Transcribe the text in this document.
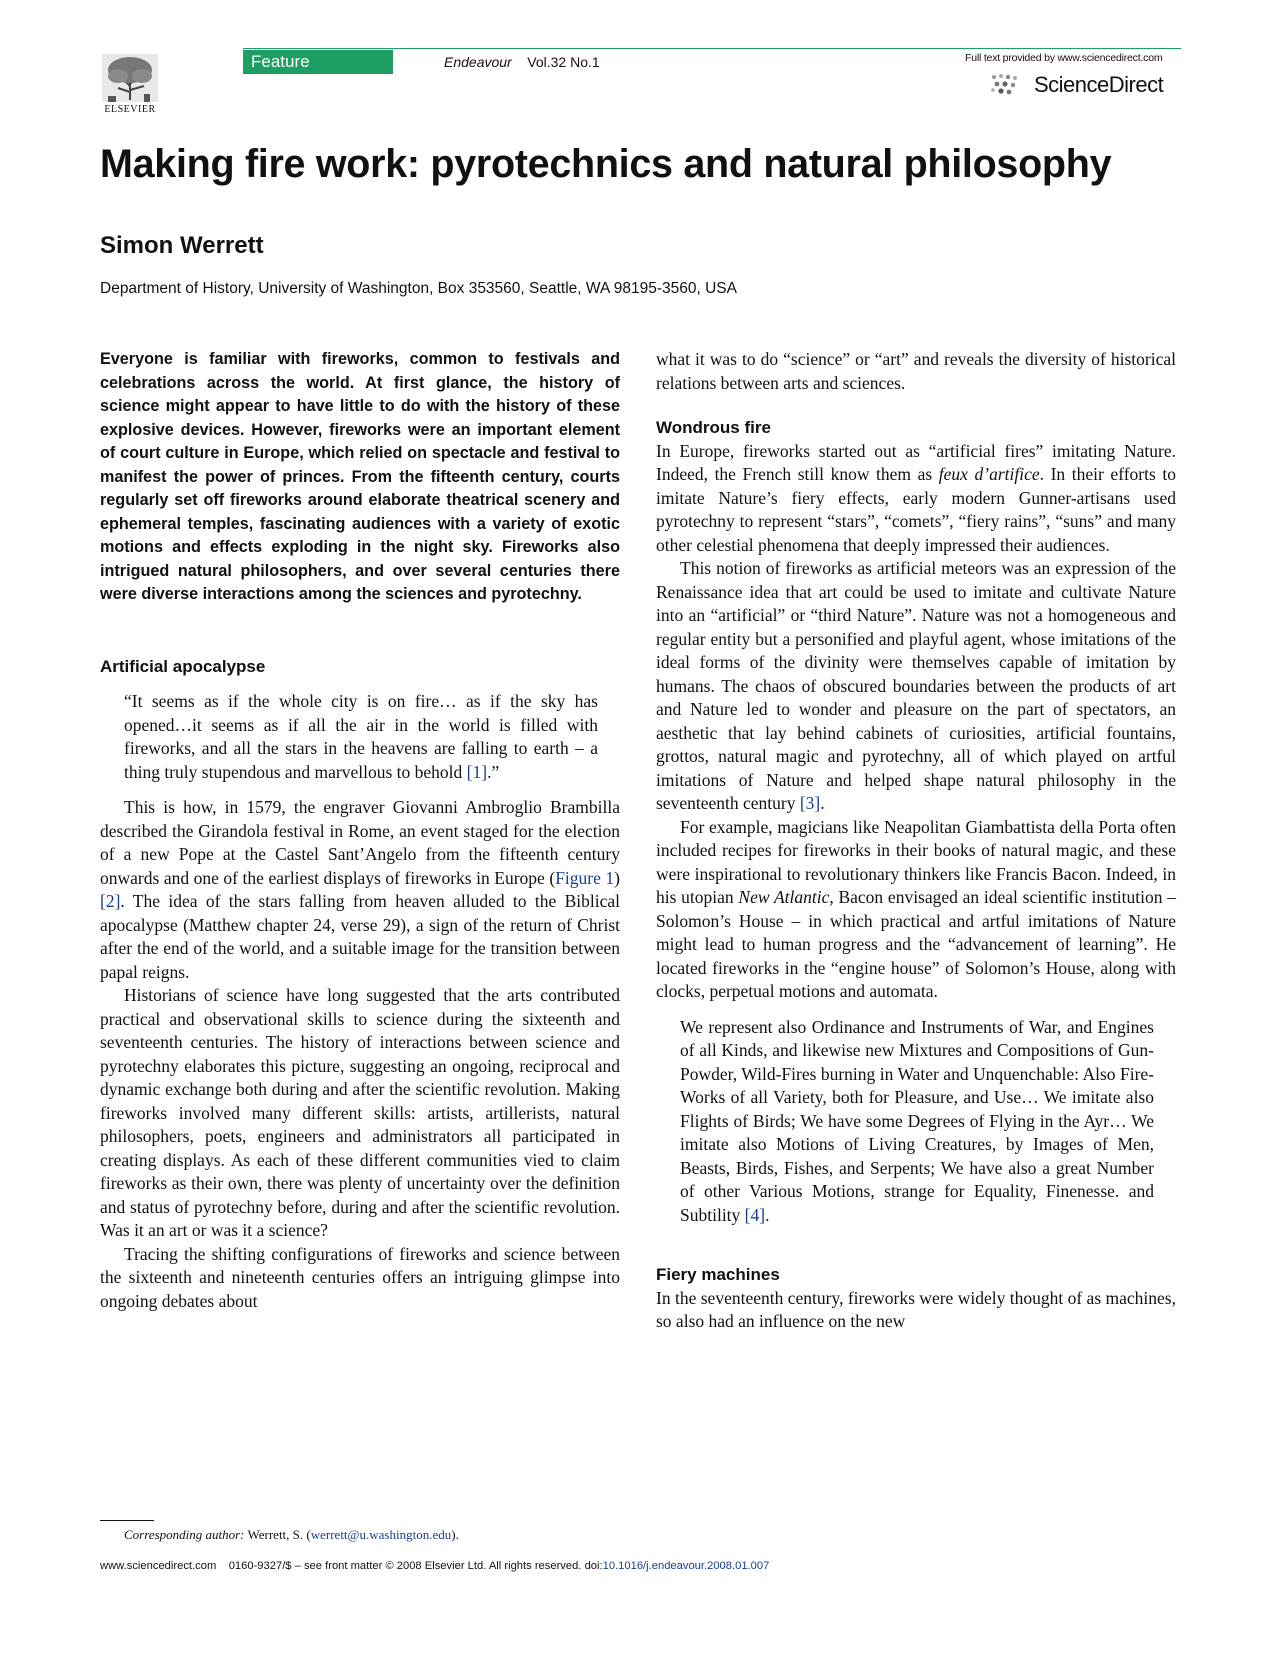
ELSEVIER
Feature	Endeavour Vol.32 No.1	Full text provided by www.sciencedirect.com
ScienceDirect
Making fire work: pyrotechnics and natural philosophy
Simon Werrett
Department of History, University of Washington, Box 353560, Seattle, WA 98195-3560, USA

Everyone is familiar with fireworks, common to festivals and celebrations across the world. At first glance, the history of science might appear to have little to do with the history of these explosive devices. However, fireworks were an important element of court culture in Europe, which relied on spectacle and festival to manifest the power of princes. From the fifteenth century, courts regularly set off fireworks around elaborate theatrical scenery and ephemeral temples, fascinating audiences with a variety of exotic motions and effects exploding in the night sky. Fireworks also intrigued natural philosophers, and over several centuries there were diverse interactions among the sciences and pyrotechny.

Artificial apocalypse

“It seems as if the whole city is on fire… as if the sky has opened…it seems as if all the air in the world is filled with fireworks, and all the stars in the heavens are falling to earth – a thing truly stupendous and marvellous to behold [1].”

This is how, in 1579, the engraver Giovanni Ambroglio Brambilla described the Girandola festival in Rome, an event staged for the election of a new Pope at the Castel Sant’Angelo from the fifteenth century onwards and one of the earliest displays of fireworks in Europe (Figure 1) [2]. The idea of the stars falling from heaven alluded to the Biblical apocalypse (Matthew chapter 24, verse 29), a sign of the return of Christ after the end of the world, and a suitable image for the transition between papal reigns.

Historians of science have long suggested that the arts contributed practical and observational skills to science during the sixteenth and seventeenth centuries. The history of interactions between science and pyrotechny elaborates this picture, suggesting an ongoing, reciprocal and dynamic exchange both during and after the scientific revolution. Making fireworks involved many different skills: artists, artillerists, natural philosophers, poets, engineers and administrators all participated in creating displays. As each of these different communities vied to claim fireworks as their own, there was plenty of uncertainty over the definition and status of pyrotechny before, during and after the scientific revolution. Was it an art or was it a science?

Tracing the shifting configurations of fireworks and science between the sixteenth and nineteenth centuries offers an intriguing glimpse into ongoing debates about

what it was to do “science” or “art” and reveals the diversity of historical relations between arts and sciences.

Wondrous fire

In Europe, fireworks started out as “artificial fires” imitating Nature. Indeed, the French still know them as feux d’artifice. In their efforts to imitate Nature’s fiery effects, early modern Gunner-artisans used pyrotechny to represent “stars”, “comets”, “fiery rains”, “suns” and many other celestial phenomena that deeply impressed their audiences.

This notion of fireworks as artificial meteors was an expression of the Renaissance idea that art could be used to imitate and cultivate Nature into an “artificial” or “third Nature”. Nature was not a homogeneous and regular entity but a personified and playful agent, whose imitations of the ideal forms of the divinity were themselves capable of imitation by humans. The chaos of obscured boundaries between the products of art and Nature led to wonder and pleasure on the part of spectators, an aesthetic that lay behind cabinets of curiosities, artificial fountains, grottos, natural magic and pyrotechny, all of which played on artful imitations of Nature and helped shape natural philosophy in the seventeenth century [3].

For example, magicians like Neapolitan Giambattista della Porta often included recipes for fireworks in their books of natural magic, and these were inspirational to revolutionary thinkers like Francis Bacon. Indeed, in his utopian New Atlantic, Bacon envisaged an ideal scientific institution – Solomon’s House – in which practical and artful imitations of Nature might lead to human progress and the “advancement of learning”. He located fireworks in the “engine house” of Solomon’s House, along with clocks, perpetual motions and automata.

We represent also Ordinance and Instruments of War, and Engines of all Kinds, and likewise new Mixtures and Compositions of Gun-Powder, Wild-Fires burning in Water and Unquenchable: Also Fire-Works of all Variety, both for Pleasure, and Use… We imitate also Flights of Birds; We have some Degrees of Flying in the Ayr… We imitate also Motions of Living Creatures, by Images of Men, Beasts, Birds, Fishes, and Serpents; We have also a great Number of other Various Motions, strange for Equality, Finenesse. and Subtility [4].

Fiery machines

In the seventeenth century, fireworks were widely thought of as machines, so also had an influence on the new

Corresponding author: Werrett, S. (werrett@u.washington.edu).
www.sciencedirect.com    0160-9327/$ – see front matter © 2008 Elsevier Ltd. All rights reserved. doi:10.1016/j.endeavour.2008.01.007
